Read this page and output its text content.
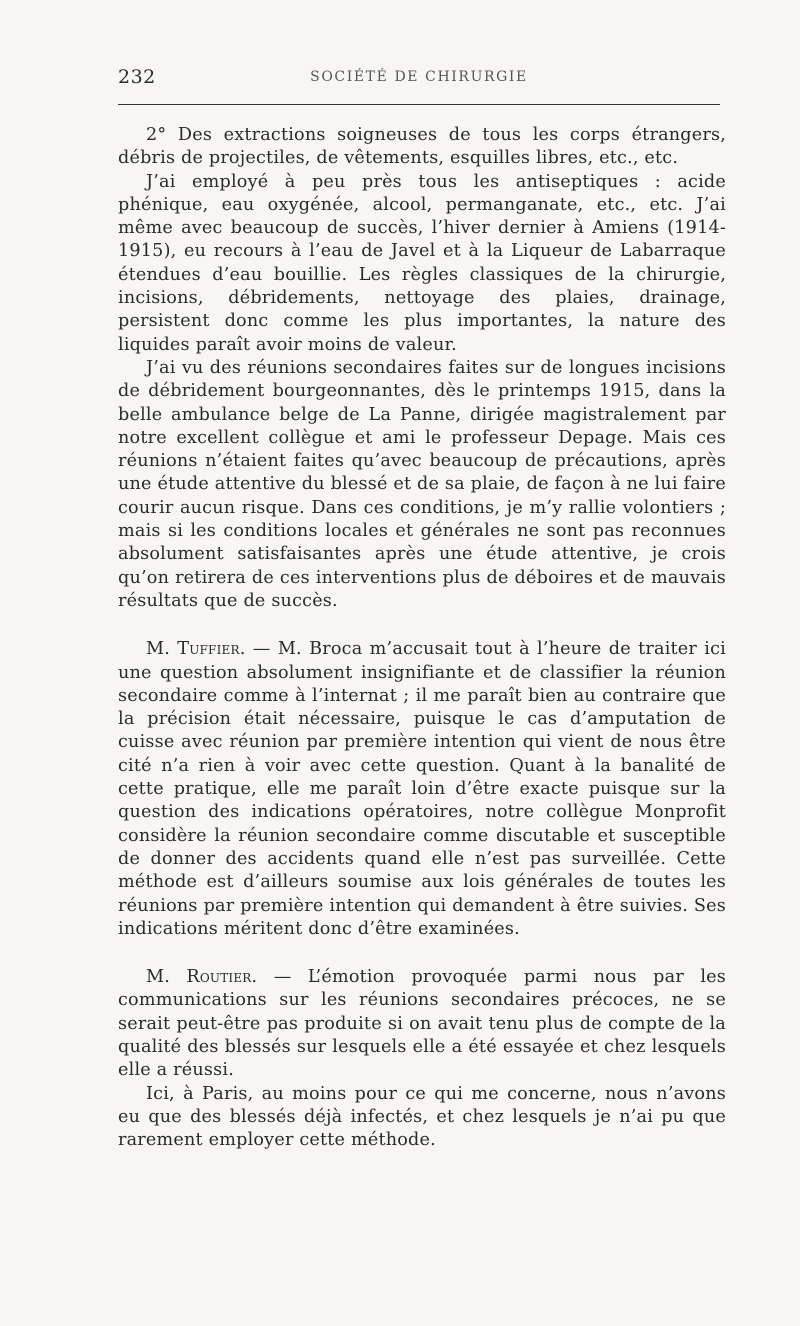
232	SOCIÉTÉ DE CHIRURGIE

2° Des extractions soigneuses de tous les corps étrangers, débris de projectiles, de vêtements, esquilles libres, etc., etc.

J’ai employé à peu près tous les antiseptiques : acide phénique, eau oxygénée, alcool, permanganate, etc., etc. J’ai même avec beaucoup de succès, l’hiver dernier à Amiens (1914-1915), eu recours à l’eau de Javel et à la Liqueur de Labarraque étendues d’eau bouillie. Les règles classiques de la chirurgie, incisions, débridements, nettoyage des plaies, drainage, persistent donc comme les plus importantes, la nature des liquides paraît avoir moins de valeur.

J’ai vu des réunions secondaires faites sur de longues incisions de débridement bourgeonnantes, dès le printemps 1915, dans la belle ambulance belge de La Panne, dirigée magistralement par notre excellent collègue et ami le professeur Depage. Mais ces réunions n’étaient faites qu’avec beaucoup de précautions, après une étude attentive du blessé et de sa plaie, de façon à ne lui faire courir aucun risque. Dans ces conditions, je m’y rallie volontiers ; mais si les conditions locales et générales ne sont pas reconnues absolument satisfaisantes après une étude attentive, je crois qu’on retirera de ces interventions plus de déboires et de mauvais résultats que de succès.

M. Tuffier. — M. Broca m’accusait tout à l’heure de traiter ici une question absolument insignifiante et de classifier la réunion secondaire comme à l’internat ; il me paraît bien au contraire que la précision était nécessaire, puisque le cas d’amputation de cuisse avec réunion par première intention qui vient de nous être cité n’a rien à voir avec cette question. Quant à la banalité de cette pratique, elle me paraît loin d’être exacte puisque sur la question des indications opératoires, notre collègue Monprofit considère la réunion secondaire comme discutable et susceptible de donner des accidents quand elle n’est pas surveillée. Cette méthode est d’ailleurs soumise aux lois générales de toutes les réunions par première intention qui demandent à être suivies. Ses indications méritent donc d’être examinées.

M. Routier. — L’émotion provoquée parmi nous par les communications sur les réunions secondaires précoces, ne se serait peut-être pas produite si on avait tenu plus de compte de la qualité des blessés sur lesquels elle a été essayée et chez lesquels elle a réussi.

Ici, à Paris, au moins pour ce qui me concerne, nous n’avons eu que des blessés déjà infectés, et chez lesquels je n’ai pu que rarement employer cette méthode.
